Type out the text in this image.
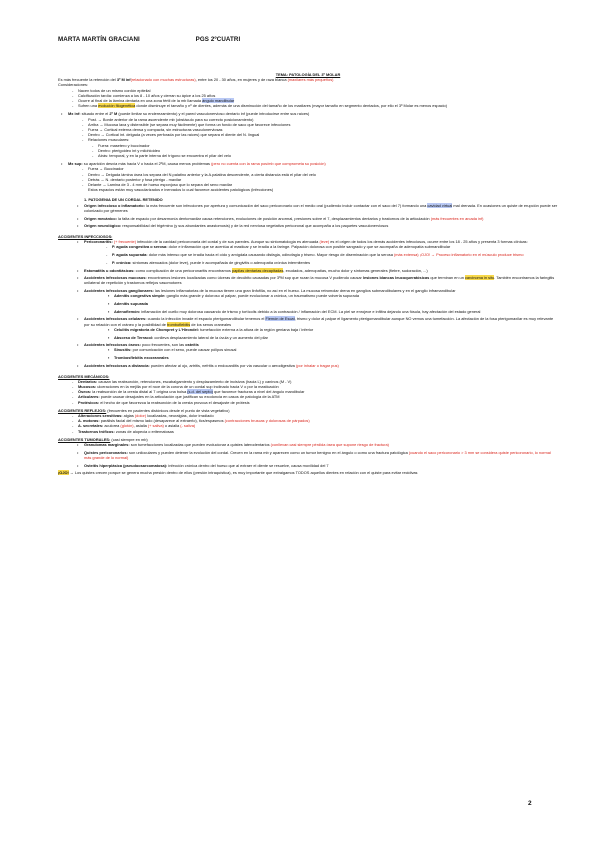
MARTA MARTÍN GRACIANI	PGS 2ºCUATRI
TEMA: PATOLOGÍA DEL 3º MOLAR

Es más frecuente la retención del 3º M inf(relacionado con muchas estructuras), entre los 20 - 30 años, en mujeres y de raza blanca (maxilares más pequeños)

Consideraciones:

- Nacen todos de un mismo cordón epitelial
- Calcificación tardía: comienza a los 8 - 10 años y cierran su ápice a los 25 años
- Ocurre al final de la lámina dentaria en una zona fértil de la mb llamada ángulo mandibular
- Sufren una evolución filogenética donde disminuye el tamaño y nº de dientes, además de una disminución del tamaño de los maxilares (mayor tamaño en segmento dentados, por ello el 3º Molar es menos espacio)
• Mx inf: situado entre el 2º M (puede limitar su enderezamiento) y el pared vasculonervioso dentario inf (puede introducirse entre sus raíces)
- Post. → Borde anterior de la rama ascendente mb (obstáculo para su correcto posicionamiento)
- Arriba → Mucosa laxa y distensible (se separa muy fácilmente) que forma un fondo de saco que favorece infecciones
- Fuera → Cortical externa densa y compacta, sin estructuras vasculonerviosas
- Dentro → Cortical int. delgada (a veces perforada por las raíces) que separa el diente del N. lingual
- Relaciones musculares:
- Fuera: masetero y buccinador
- Dentro: pterigoideo int y milohioideo
- Atrás: temporal, y en la parte interna del trígono se encuentra el pilar del velo
• Mx sup: su aparición desvía más hacia V o hacia el 2ºM, causa menos problemas (pero no cuenta con la rama pos/mb que comprometa su posición)
- Fuera → Buccinador
- Dentro → Delgada lámina ósea los separa del N.palatino anterior y la A.palatina descendente, a cierta distancia está el pilar del velo
- Detrás → N. dentario posterior y fosa pterigo - maxilar
- Delante → Lamina de 3 - 4 mm de hueso esponjoso que lo separa del seno maxilar

Estos espacios están muy vascularizados e inervados lo cual favorece accidentes patológicos (infecciones)

1. PATOGENIA DE UN CORDAL RETENIDO

• Origen infeccioso o inflamatorio: la más frecuente son infecciones por apertura y comunicación del saco pericoronario con el medio oral (pudiendo incluir contactar con el saco del 7) formando una cavidad virtual mal drenada. En ocasiones un quiste de erupción puede ser colonizado por gérmenes
• Origen mecánico: la falta de espacio por desarmonía dentomaxilar causa retenciones, evoluciones de posición anormal, presiones sobre el 7, desplazamientos dentarios y trastornos de la articulación (más frecuentes en arcada inf)
• Origen neurológico: responsabilidad del trigémino (y sus abundantes anastomosis) y de la red nerviosa vegetativa pericoronal que acompaña a los paquetes vasculonerviosos

ACCIDENTES INFECCIOSOS:

• Pericoronaritis: (+ frecuente) infección de la cavidad pericoronaria del cordal y de sus paredes. Aunque su sintomatología es atenuada (leve) es el origen de todos los demás accidentes infecciosos, ocurre entre los 18 - 25 años y presenta 3 formas clínicas:
- P. aguda congestiva o serosa: dolor e inflamación que se acentúa al masticar y se irradia a la faringe. Palpación dolorosa con posible sangrado y que se acompaña de adenopatía submandibular
- P. aguda supurada: dolor más intenso que se irradia hacia el oído y amígdala causando disfagia, odinofagia y trismo. Mayor riesgo de diseminación que la serosa (más extensa) ¡OJO! → Proceso inflamatorio en el músculo produce trismo
- P. crónica: síntomas atenuados (dolor leve), puede ir acompañada de gingivitis o adenopatía crónica intermitentes
• Estomatitis u odontiásicas: como complicación de una pericoronaritis encontramos papilas dentarias decapitadas, exudados, adenopatías, mucho dolor y síntomas generales (fiebre, sudoración, ...)
• Accidentes infecciosos mucosos: encontramos lesiones localizadas como úlceras de decúbito causadas por 3ºM sup que rozan la mucosa V pudiendo causar lesiones blancas leucoqueratósicas que terminan en un carcinoma in situ. También encontramos la faringitis unilateral de repetición y trastornos reflejos vasomotores
• Accidentes infecciosos ganglionares: las lesiones inflamatorias de la mucosa tienen una gran linfofilia, no así en el hueso. La mucosa retromolar drena en ganglios submandibulares y en el ganglio inframandibular
▪ Adenitis congestiva simple: ganglio más grande y doloroso al palpar, puede evolucionar a crónica, un traumatismo puede volverla supurada
▪ Adenitis supurada
▪ Adenoflemón: inflamación del cuello muy dolorosa causando de trismo y tortícolis debido a la contracción / inflamación del ECM. La piel se enrojece e infiltra dejando una fósula, hay afectación del estado general
• Accidentes infecciosos celulares: cuando la infección invade el espacio pterigomandibular tenemos el Flemón de Escat, trismo y dolor al palpar el ligamento pterigomandibular aunque NO vemos una tumefacción. La afectación de la fosa pterigomaxilar es muy relevante por su relación con el cráneo y la posibilidad de tromboflebitis de los senos craneales
▪ Celulitis migratoria de Chompret y L'Hirondel: tumefacción externa a la altura de la región geniana baja / inferior
▪ Absceso de Terracol: conlleva desplazamiento lateral de la úvula y un aumento del pilar
• Accidentes infecciosos óseos: poco frecuentes, son las osteítis
▪ Sinusitis: por comunicación con el seno, puede causar pólipos sinusal
▪ Trombosflebitis exocraneales
• Accidentes infecciosos a distancia: pueden afectar al ojo, artritis, nefritis o endocarditis por vía vascular o aerodigestiva (por inhalar o tragar pus)

ACCIDENTES MECÁNICOS:

- Dentarios: causan las reabsorción, retenciones, escabalgamiento y desplazamiento de incisivos (hacia L) y caninos (M - V)
- Mucosos: ulceraciones en la mejilla por el roce de la corona de un cordal sup inclinado hacia V o por la masticación
- Óseos: la reabsorción de la cresta distal al 7 origina una bolsa (s.d. del septo) que favorece fracturas a nivel del ángulo mandibular
- Articulares: puede causar desajustes en la articulación que justifican su exodoncia en casos de patología de la ATM
- Protésicos: el hecho de que favorezca la reabsorción de la cresta provoca el desajuste de prótesis

ACCIDENTES REFLEJOS: (frecuentes en pacientes distónicos desde el punto de vista vegetativo)

- Alteraciones sensitivas: algias (dolor) localizadas, neuralgias, dolor irradiado
- A. motoras: parálisis facial del mismo lado (desaparece al extraerlo), tics/espasmos (contracciones bruscas y dolorosas de párpados)
- A. secretales: aculorea (glotón), asialia (+ saliva) o asialia (- saliva)
- Trastornos tróficos: zonas de alopecia o eritematosas

ACCIDENTES TUMORALES: (casi siempre en mb)

• Granulomas marginales: son tumefacciones localizadas que pueden evolucionar a quistes laterodentarios (conllevan casi siempre pérdida ósea que supone riesgo de fractura)
• Quistes pericoronarios: son uniloculares y pueden detener la evolución del cordal. Crecen en la rama mb y aparecen como un tumor benigno en el ángulo o como una fractura patológica (cuando el saco pericoronario > 3 mm se considera quiste pericoronario, lo normal más grande de lo normal)
• Osteítis hiperplásica (pseudoosarcomatosa): infección crónica dentro del hueso que al extraer el diente se resuelve, causa movilidad del 7

¡OJO! → Los quistes crecen porque se genera mucha presión dentro de ellos (presión intraquística), es muy importante que extraigamos TODOS aquellos dientes en relación con el quiste para evitar recidivas

2
